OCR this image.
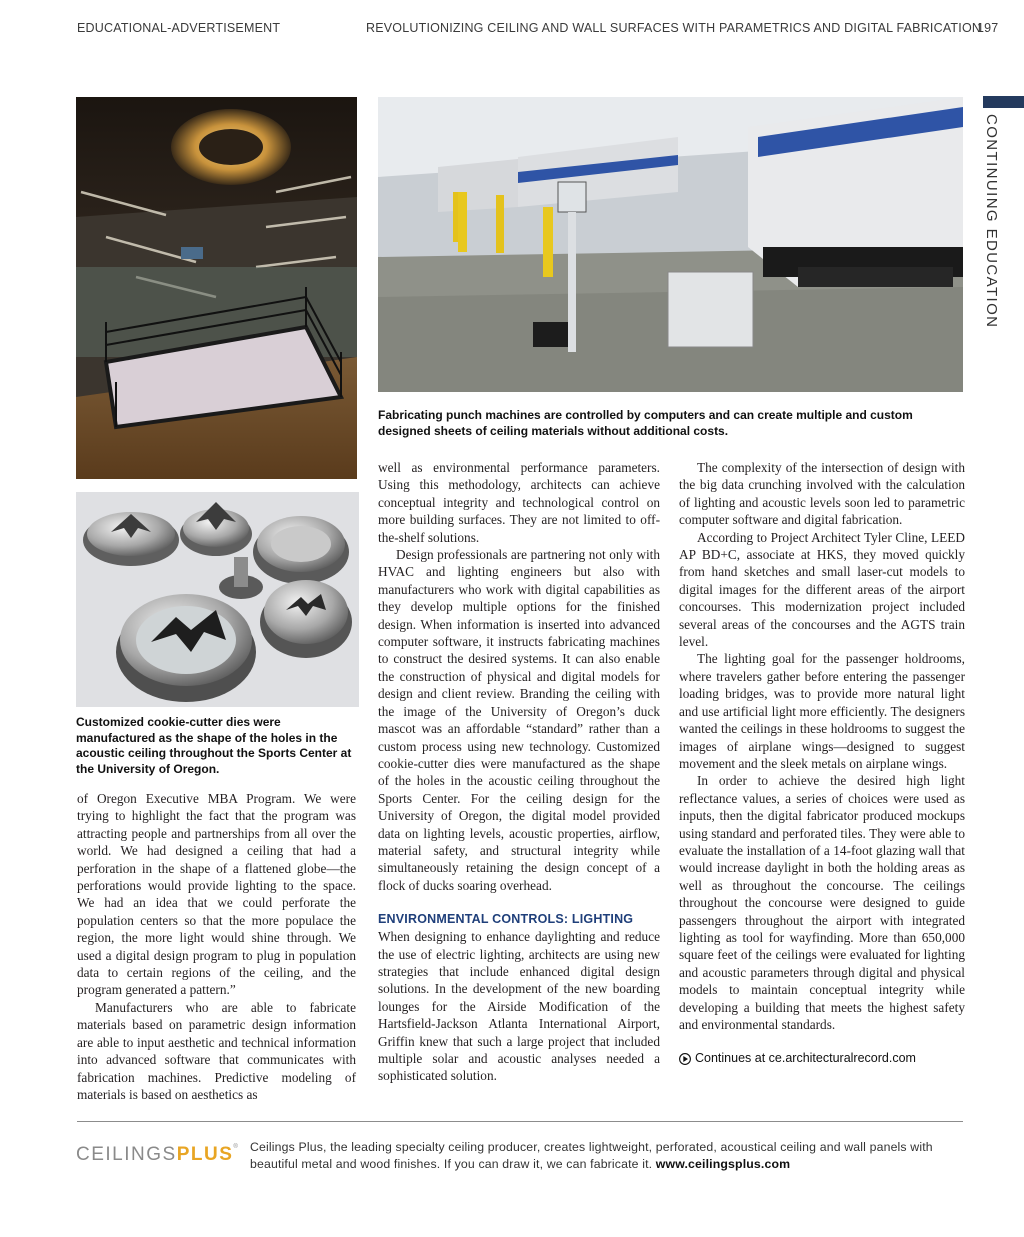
EDUCATIONAL-ADVERTISEMENT	REVOLUTIONIZING CEILING AND WALL SURFACES WITH PARAMETRICS AND DIGITAL FABRICATION
197
CONTINUING EDUCATION
Fabricating punch machines are controlled by computers and can create multiple and custom designed sheets of ceiling materials without additional costs.
Customized cookie-cutter dies were manufactured as the shape of the holes in the acoustic ceiling throughout the Sports Center at the University of Oregon.

of Oregon Executive MBA Program. We were trying to highlight the fact that the program was attracting people and partnerships from all over the world. We had designed a ceiling that had a perforation in the shape of a flattened globe—the perforations would provide lighting to the space. We had an idea that we could perforate the population centers so that the more populace the region, the more light would shine through. We used a digital design program to plug in population data to certain regions of the ceiling, and the program generated a pattern.”

Manufacturers who are able to fabricate materials based on parametric design information are able to input aesthetic and technical information into advanced software that communicates with fabrication machines. Predictive modeling of materials is based on aesthetics as

well as environmental performance parameters. Using this methodology, architects can achieve conceptual integrity and technological control on more building surfaces. They are not limited to off-the-shelf solutions.

Design professionals are partnering not only with HVAC and lighting engineers but also with manufacturers who work with digital capabilities as they develop multiple options for the finished design. When information is inserted into advanced computer software, it instructs fabricating machines to construct the desired systems. It can also enable the construction of physical and digital models for design and client review. Branding the ceiling with the image of the University of Oregon’s duck mascot was an affordable “standard” rather than a custom process using new technology. Customized cookie-cutter dies were manufactured as the shape of the holes in the acoustic ceiling throughout the Sports Center. For the ceiling design for the University of Oregon, the digital model provided data on lighting levels, acoustic properties, airflow, material safety, and structural integrity while simultaneously retaining the design concept of a flock of ducks soaring overhead.

ENVIRONMENTAL CONTROLS: LIGHTING

When designing to enhance daylighting and reduce the use of electric lighting, architects are using new strategies that include enhanced digital design solutions. In the development of the new boarding lounges for the Airside Modification of the Hartsfield-Jackson Atlanta International Airport, Griffin knew that such a large project that included multiple solar and acoustic analyses needed a sophisticated solution.

The complexity of the intersection of design with the big data crunching involved with the calculation of lighting and acoustic levels soon led to parametric computer software and digital fabrication.

According to Project Architect Tyler Cline, LEED AP BD+C, associate at HKS, they moved quickly from hand sketches and small laser-cut models to digital images for the different areas of the airport concourses. This modernization project included several areas of the concourses and the AGTS train level.

The lighting goal for the passenger holdrooms, where travelers gather before entering the passenger loading bridges, was to provide more natural light and use artificial light more efficiently. The designers wanted the ceilings in these holdrooms to suggest the images of airplane wings—designed to suggest movement and the sleek metals on airplane wings.

In order to achieve the desired high light reflectance values, a series of choices were used as inputs, then the digital fabricator produced mockups using standard and perforated tiles. They were able to evaluate the installation of a 14-foot glazing wall that would increase daylight in both the holding areas as well as throughout the concourse. The ceilings throughout the concourse were designed to guide passengers throughout the airport with integrated lighting as tool for wayfinding. More than 650,000 square feet of the ceilings were evaluated for lighting and acoustic parameters through digital and physical models to maintain conceptual integrity while developing a building that meets the highest safety and environmental standards.

Continues at ce.architecturalrecord.com
CEILINGSPLUS® Ceilings Plus, the leading specialty ceiling producer, creates lightweight, perforated, acoustical ceiling and wall panels with beautiful metal and wood finishes. If you can draw it, we can fabricate it. www.ceilingsplus.com
